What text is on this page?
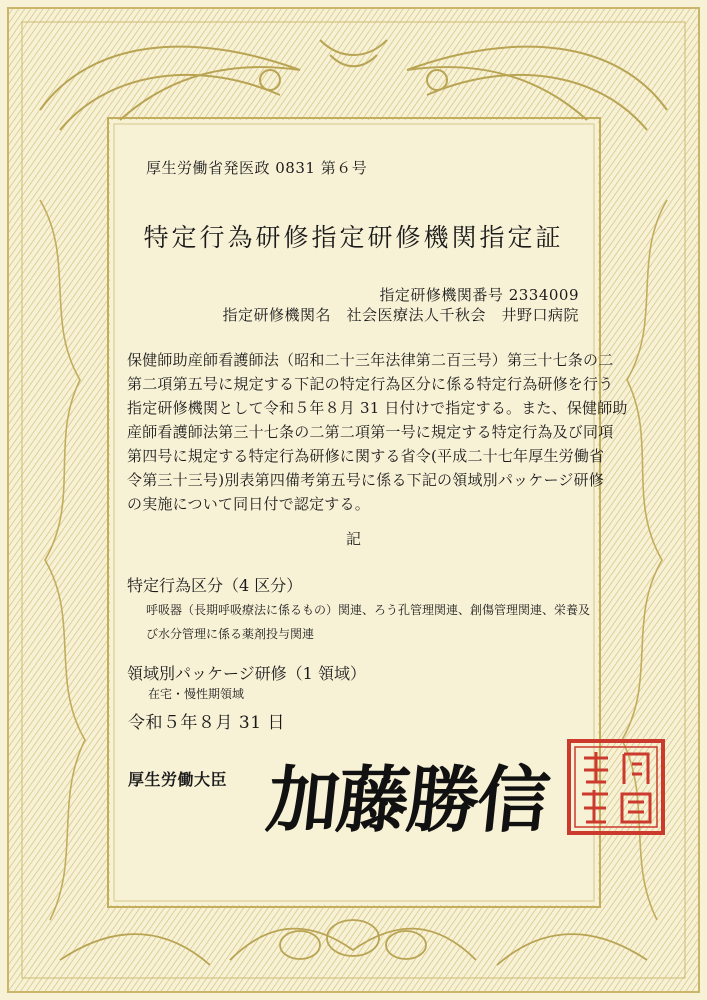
厚生労働省発医政 0831 第６号
特定行為研修指定研修機関指定証
指定研修機関番号 2334009
指定研修機関名　社会医療法人千秋会　井野口病院
保健師助産師看護師法（昭和二十三年法律第二百三号）第三十七条の二
第二項第五号に規定する下記の特定行為区分に係る特定行為研修を行う
指定研修機関として令和５年８月 31 日付けで指定する。また、保健師助
産師看護師法第三十七条の二第二項第一号に規定する特定行為及び同項
第四号に規定する特定行為研修に関する省令(平成二十七年厚生労働省
令第三十三号)別表第四備考第五号に係る下記の領域別パッケージ研修
の実施について同日付で認定する。
記
特定行為区分（4 区分）
呼吸器（長期呼吸療法に係るもの）関連、ろう孔管理関連、創傷管理関連、栄養及
び水分管理に係る薬剤投与関連
領域別パッケージ研修（1 領域）
在宅・慢性期領域
令和５年８月 31 日
厚生労働大臣 加藤勝信
